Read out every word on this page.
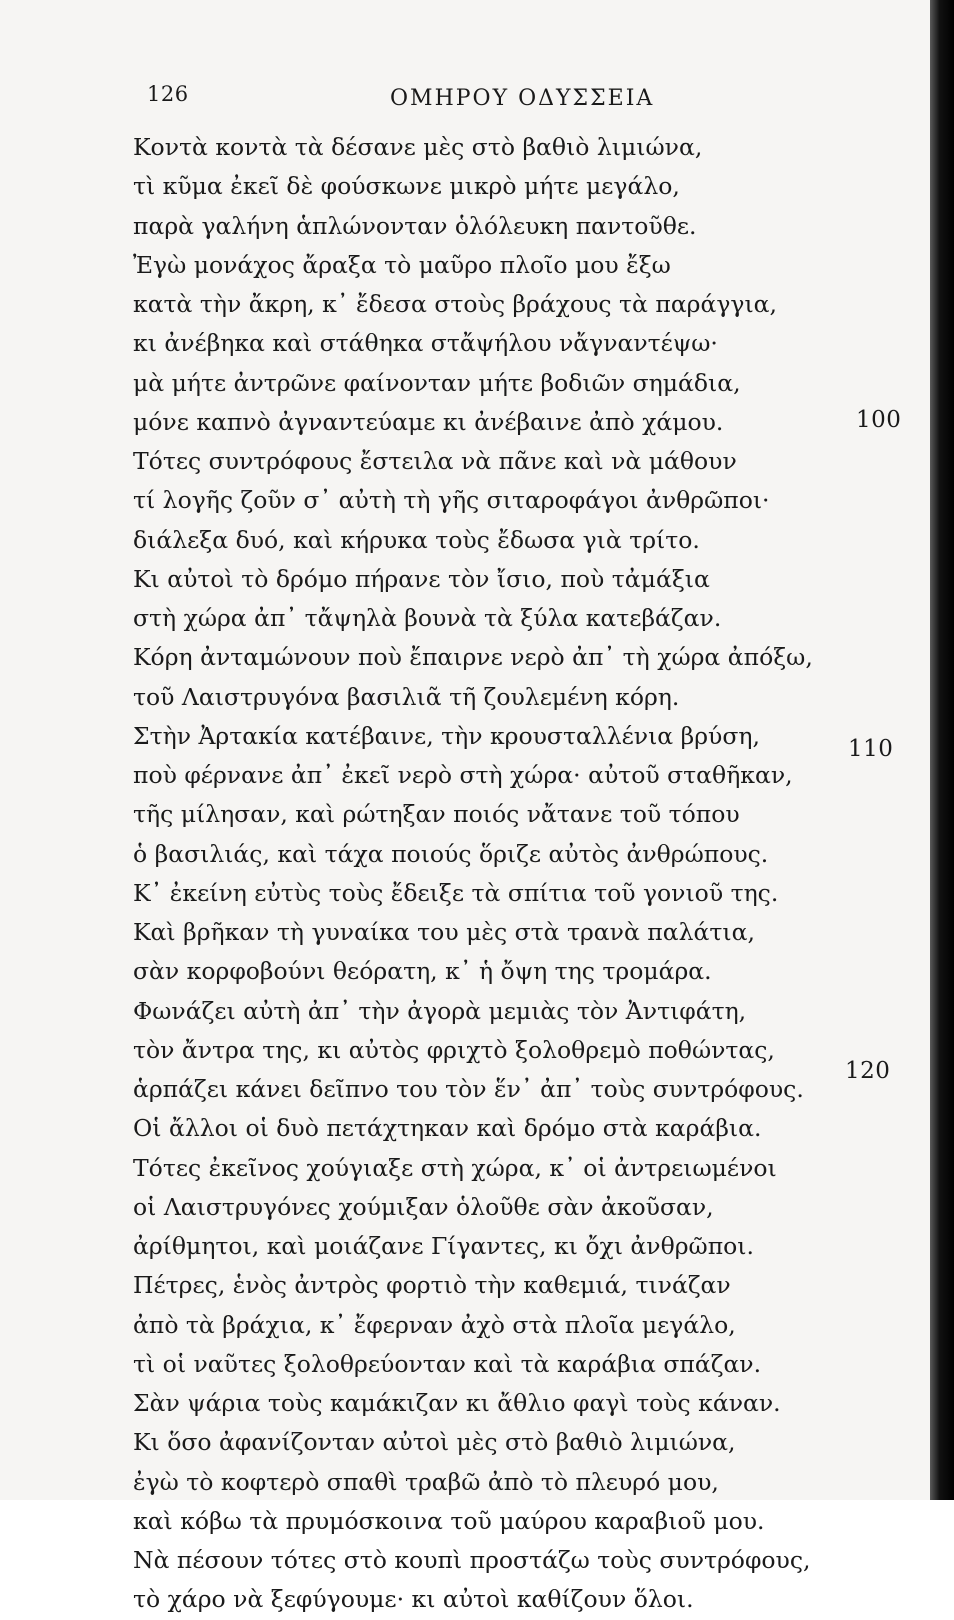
126	ΟΜΗΡΟΥ ΟΔΥΣΣΕΙΑ
Κοντὰ κοντὰ τὰ δέσανε μὲς στὸ βαθιὸ λιμιώνα,
τὶ κῦμα ἐκεῖ δὲ φούσκωνε μικρὸ μήτε μεγάλο,
παρὰ γαλήνη ἁπλώνονταν ὁλόλευκη παντοῦθε.
Ἐγὼ μονάχος ἄραξα τὸ μαῦρο πλοῖο μου ἔξω
κατὰ τὴν ἄκρη, κ᾿ ἔδεσα στοὺς βράχους τὰ παράγγια,
κι ἀνέβηκα καὶ στάθηκα στἄψήλου νἄγναντέψω·
μὰ μήτε ἀντρῶνε φαίνονταν μήτε βοδιῶν σημάδια,
μόνε καπνὸ ἀγναντεύαμε κι ἀνέβαινε ἀπὸ χάμου.
Τότες συντρόφους ἔστειλα νὰ πᾶνε καὶ νὰ μάθουν
τί λογῆς ζοῦν σ᾿ αὐτὴ τὴ γῆς σιταροφάγοι ἀνθρῶποι·
διάλεξα δυό, καὶ κήρυκα τοὺς ἔδωσα γιὰ τρίτο.
Κι αὐτοὶ τὸ δρόμο πήρανε τὸν ἴσιο, ποὺ τἀμάξια
στὴ χώρα ἀπ᾿ τἄψηλὰ βουνὰ τὰ ξύλα κατεβάζαν.
Κόρη ἀνταμώνουν ποὺ ἔπαιρνε νερὸ ἀπ᾿ τὴ χώρα ἀπόξω,
τοῦ Λαιστρυγόνα βασιλιᾶ τη̃ ζουλεμένη κόρη.
Στὴν Ἀρτακία κατέβαινε, τὴν κρουσταλλένια βρύση,
ποὺ φέρνανε ἀπ᾿ ἐκεῖ νερὸ στὴ χώρα· αὐτοῦ σταθῆκαν,
τῆς μίλησαν, καὶ ρώτηξαν ποιός νἄτανε τοῦ τόπου
ὁ βασιλιάς, καὶ τάχα ποιούς ὅριζε αὐτὸς ἀνθρώπους.
Κ᾿ ἐκείνη εὐτὺς τοὺς ἔδειξε τὰ σπίτια τοῦ γονιοῦ της.
Καὶ βρῆκαν τὴ γυναίκα του μὲς στὰ τρανὰ παλάτια,
σὰν κορφοβούνι θεόρατη, κ᾿ ἡ ὄψη της τρομάρα.
Φωνάζει αὐτὴ ἀπ᾿ τὴν ἀγορὰ μεμιὰς τὸν Ἀντιφάτη,
τὸν ἄντρα της, κι αὐτὸς φριχτὸ ξολοθρεμὸ ποθώντας,
ἁρπάζει κάνει δεῖπνο του τὸν ἕν᾿ ἀπ᾿ τοὺς συντρόφους.
Οἱ ἄλλοι οἱ δυὸ πετάχτηκαν καὶ δρόμο στὰ καράβια.
Τότες ἐκεῖνος χούγιαξε στὴ χώρα, κ᾿ οἱ ἀντρειωμένοι
οἱ Λαιστρυγόνες χούμιξαν ὁλοῦθε σὰν ἀκοῦσαν,
ἀρίθμητοι, καὶ μοιάζανε Γίγαντες, κι ὄχι ἀνθρῶποι.
Πέτρες, ἑνὸς ἀντρὸς φορτιὸ τὴν καθεμιά, τινάζαν
ἀπὸ τὰ βράχια, κ᾿ ἔφερναν ἀχὸ στὰ πλοῖα μεγάλο,
τὶ οἱ ναῦτες ξολοθρεύονταν καὶ τὰ καράβια σπάζαν.
Σὰν ψάρια τοὺς καμάκιζαν κι ἄθλιο φαγὶ τοὺς κάναν.
Κι ὅσο ἀφανίζονταν αὐτοὶ μὲς στὸ βαθιὸ λιμιώνα,
ἐγὼ τὸ κοφτερὸ σπαθὶ τραβῶ ἀπὸ τὸ πλευρό μου,
καὶ κόβω τὰ πρυμόσκοινα τοῦ μαύρου καραβιοῦ μου.
Νὰ πέσουν τότες στὸ κουπὶ προστάζω τοὺς συντρόφους,
τὸ χάρο νὰ ξεφύγουμε· κι αὐτοὶ καθίζουν ὅλοι.
100
110
120
